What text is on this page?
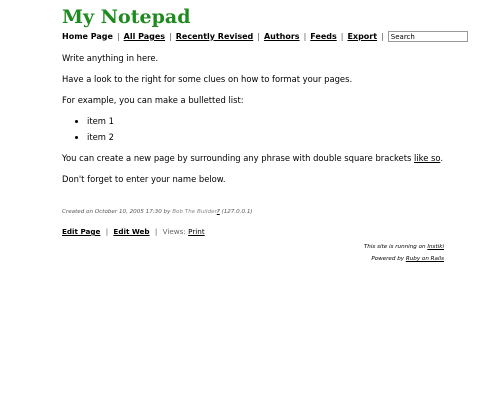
My Notepad
Home Page | All Pages | Recently Revised | Authors | Feeds | Export |
Search

Write anything in here.

Have a look to the right for some clues on how to format your pages.

For example, you can make a bulletted list:

• item 1
• item 2

You can create a new page by surrounding any phrase with double square brackets like so.

Don't forget to enter your name below.

Created on October 10, 2005 17:30 by Bob The Builder? (127.0.0.1)
Edit Page | Edit Web | Views: Print
This site is running on Instiki
Powered by Ruby on Rails
